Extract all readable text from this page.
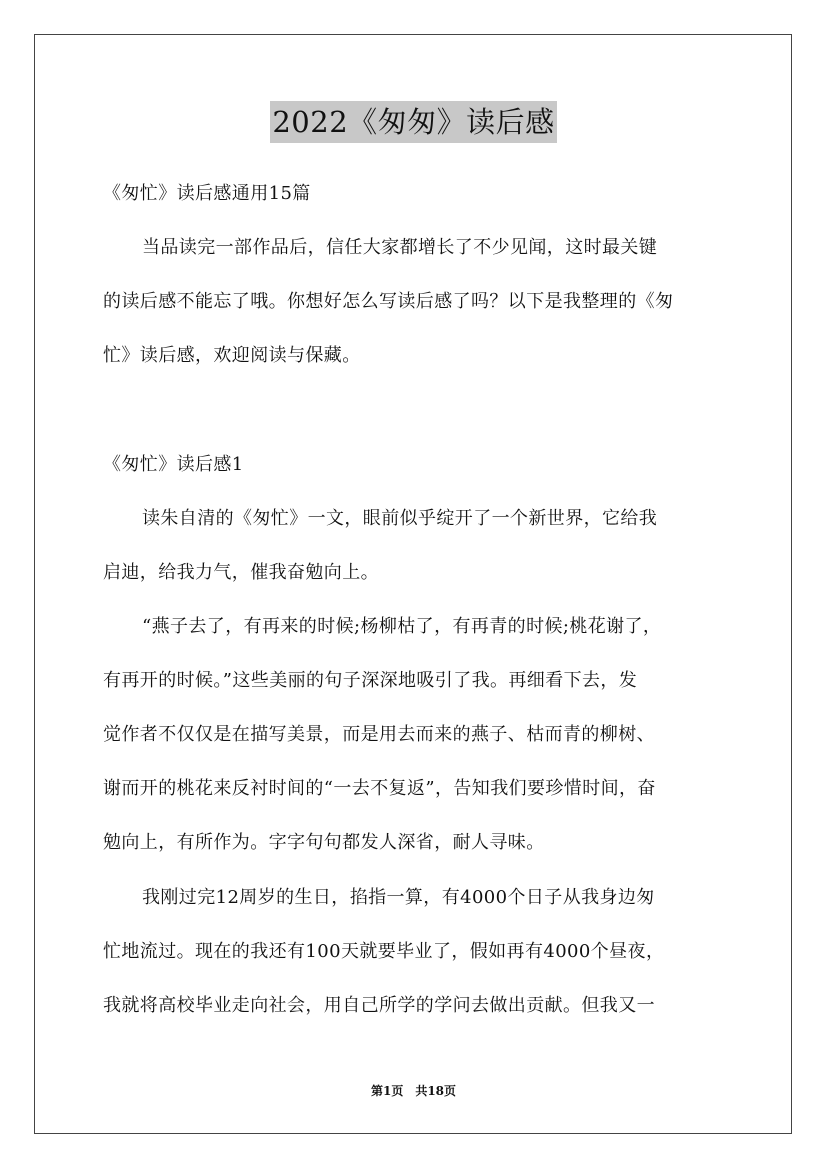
2022《匆匆》读后感
《匆忙》读后感通用15篇
当品读完一部作品后，信任大家都增长了不少见闻，这时最关键
的读后感不能忘了哦。你想好怎么写读后感了吗？以下是我整理的《匆
忙》读后感，欢迎阅读与保藏。
《匆忙》读后感1
读朱自清的《匆忙》一文，眼前似乎绽开了一个新世界，它给我
启迪，给我力气，催我奋勉向上。
“燕子去了，有再来的时候;杨柳枯了，有再青的时候;桃花谢了，
有再开的时候。”这些美丽的句子深深地吸引了我。再细看下去，发
觉作者不仅仅是在描写美景，而是用去而来的燕子、枯而青的柳树、
谢而开的桃花来反衬时间的“一去不复返”，告知我们要珍惜时间，奋
勉向上，有所作为。字字句句都发人深省，耐人寻味。
我刚过完12周岁的生日，掐指一算，有4000个日子从我身边匆
忙地流过。现在的我还有100天就要毕业了，假如再有4000个昼夜，
我就将高校毕业走向社会，用自己所学的学问去做出贡献。但我又一
第1页　共18页
